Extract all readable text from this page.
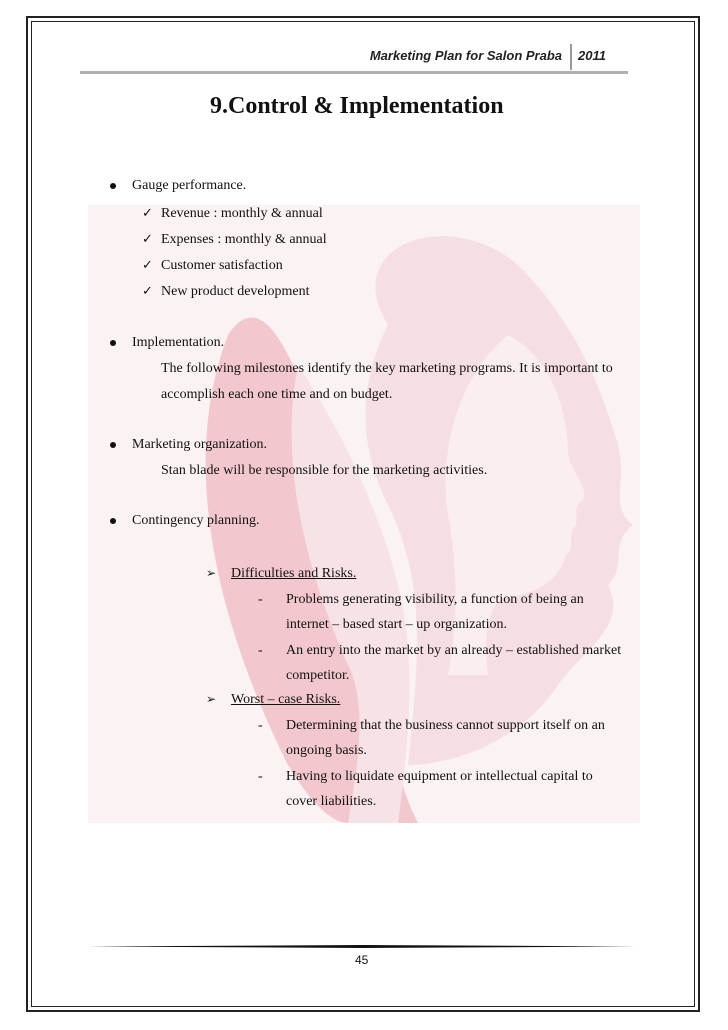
Marketing Plan for Salon Praba 2011
9.Control & Implementation
Gauge performance.
✓ Revenue : monthly & annual
✓ Expenses : monthly & annual
✓ Customer satisfaction
✓ New product development
Implementation.
The following milestones identify the key marketing programs. It is important to
accomplish each one time and on budget.
Marketing organization.
Stan blade will be responsible for the marketing activities.
Contingency planning.
➢ Difficulties and Risks.
- Problems generating visibility, a function of being an
internet – based start – up organization.
- An entry into the market by an already – established market
competitor.
➢ Worst – case Risks.
- Determining that the business cannot support itself on an
ongoing basis.
- Having to liquidate equipment or intellectual capital to
cover liabilities.
45
